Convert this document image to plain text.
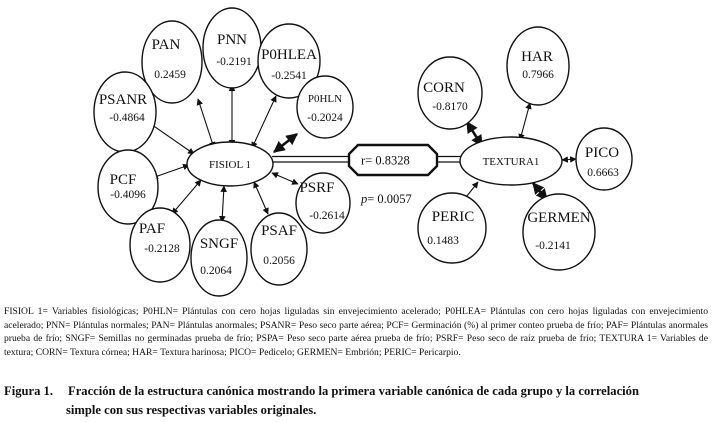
r= 0.8328
p= 0.0057
FISIOL 1	TEXTURA1
PAN
0.2459
PNN
-0.2191 P0HLEA
-0.2541
P0HLN
-0.2024
PSANR
-0.4864
PCF
-0.4096
PAF
-0.2128 SNGF
0.2064
PSAF
0.2056
PSRF
-0.2614
CORN
-0.8170
HAR
0.7966
PICO
0.6663
PERIC
0.1483
GERMEN
-0.2141
FISIOL 1= Variables fisiológicas; P0HLN= Plántulas con cero hojas liguladas sin envejecimiento acelerado; P0HLEA= Plántulas con cero hojas liguladas con envejecimiento acelerado; PNN= Plántulas normales; PAN= Plántulas anormales; PSANR= Peso seco parte aérea; PCF= Germinación (%) al primer conteo prueba de frío; PAF= Plántulas anormales prueba de frío; SNGF= Semillas no germinadas prueba de frío; PSPA= Peso seco parte aérea prueba de frío; PSRF= Peso seco de raíz prueba de frío; TEXTURA 1= Variables de textura; CORN= Textura córnea; HAR= Textura harinosa; PICO= Pedicelo; GERMEN= Embrión; PERIC= Pericarpio.
Figura 1. Fracción de la estructura canónica mostrando la primera variable canónica de cada grupo y la correlación
simple con sus respectivas variables originales.
